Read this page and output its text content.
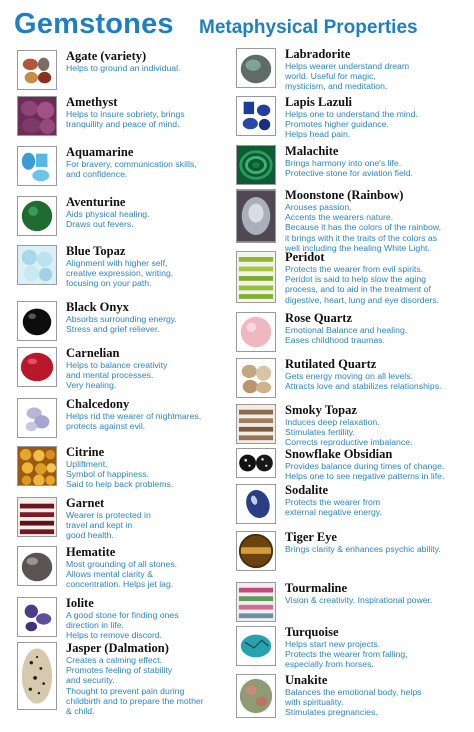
Gemstones Metaphysical Properties
Agate (variety)
Helps to ground an individual.
Amethyst
Helps to insure sobriety, brings
tranquility and peace of mind.
Aquamarine
For bravery, communication skills,
and confidence.
Aventurine
Aids physical healing.
Draws out fevers.
Blue Topaz
Alignment with higher self,
creative expression, writing,
focusing on your path.
Black Onyx
Absorbs surrounding energy.
Stress and grief reliever.
Carnelian
Helps to balance creativity
and mental processes.
Very healing.
Chalcedony
Helps rid the wearer of nightmares,
protects against evil.
Citrine
Upliftment.
Symbol of happiness.
Said to help back problems.
Garnet
Wearer is protected in
travel and kept in
good health.
Hematite
Most grounding of all stones.
Allows mental clarity &
concentration. Helps jet lag.
Iolite
A good stone for finding ones
direction in life.
Helps to remove discord.
Jasper (Dalmation)
Creates a calming effect.
Promotes feeling of stability
and security.
Thought to prevent pain during
childbirth and to prepare the mother
& child.
Labradorite
Helps wearer understand dream
world. Useful for magic,
mysticism, and meditation.
Lapis Lazuli
Helps one to understand the mind.
Promotes higher guidance.
Helps head pain.
Malachite
Brings harmony into one's life.
Protective stone for aviation field.
Moonstone (Rainbow)
Arouses passion.
Accents the wearers nature.
Because it has the colors of the rainbow,
it brings with it the traits of the colors as
well including the healing White Light.
Peridot
Protects the wearer from evil spirits.
Peridot is said to help slow the aging
process, and to aid in the treatment of
digestive, heart, lung and eye disorders.
Rose Quartz
Emotional Balance and healing.
Eases childhood traumas.
Rutilated Quartz
Gets energy moving on all levels.
Attracts love and stabilizes relationships.
Smoky Topaz
Induces deep relaxation.
Stimulates fertility.
Corrects reproductive imbalance.
Snowflake Obsidian
Provides balance during times of change.
Helps one to see negative patterns in life.
Sodalite
Protects the wearer from
external negative energy.
Tiger Eye
Brings clarity & enhances psychic ability.
Tourmaline
Vision & creativity. Inspirational power.
Turquoise
Helps start new projects.
Protects the wearer from falling,
especially from horses.
Unakite
Balances the emotional body, helps
with spirituality.
Stimulates pregnancies.
